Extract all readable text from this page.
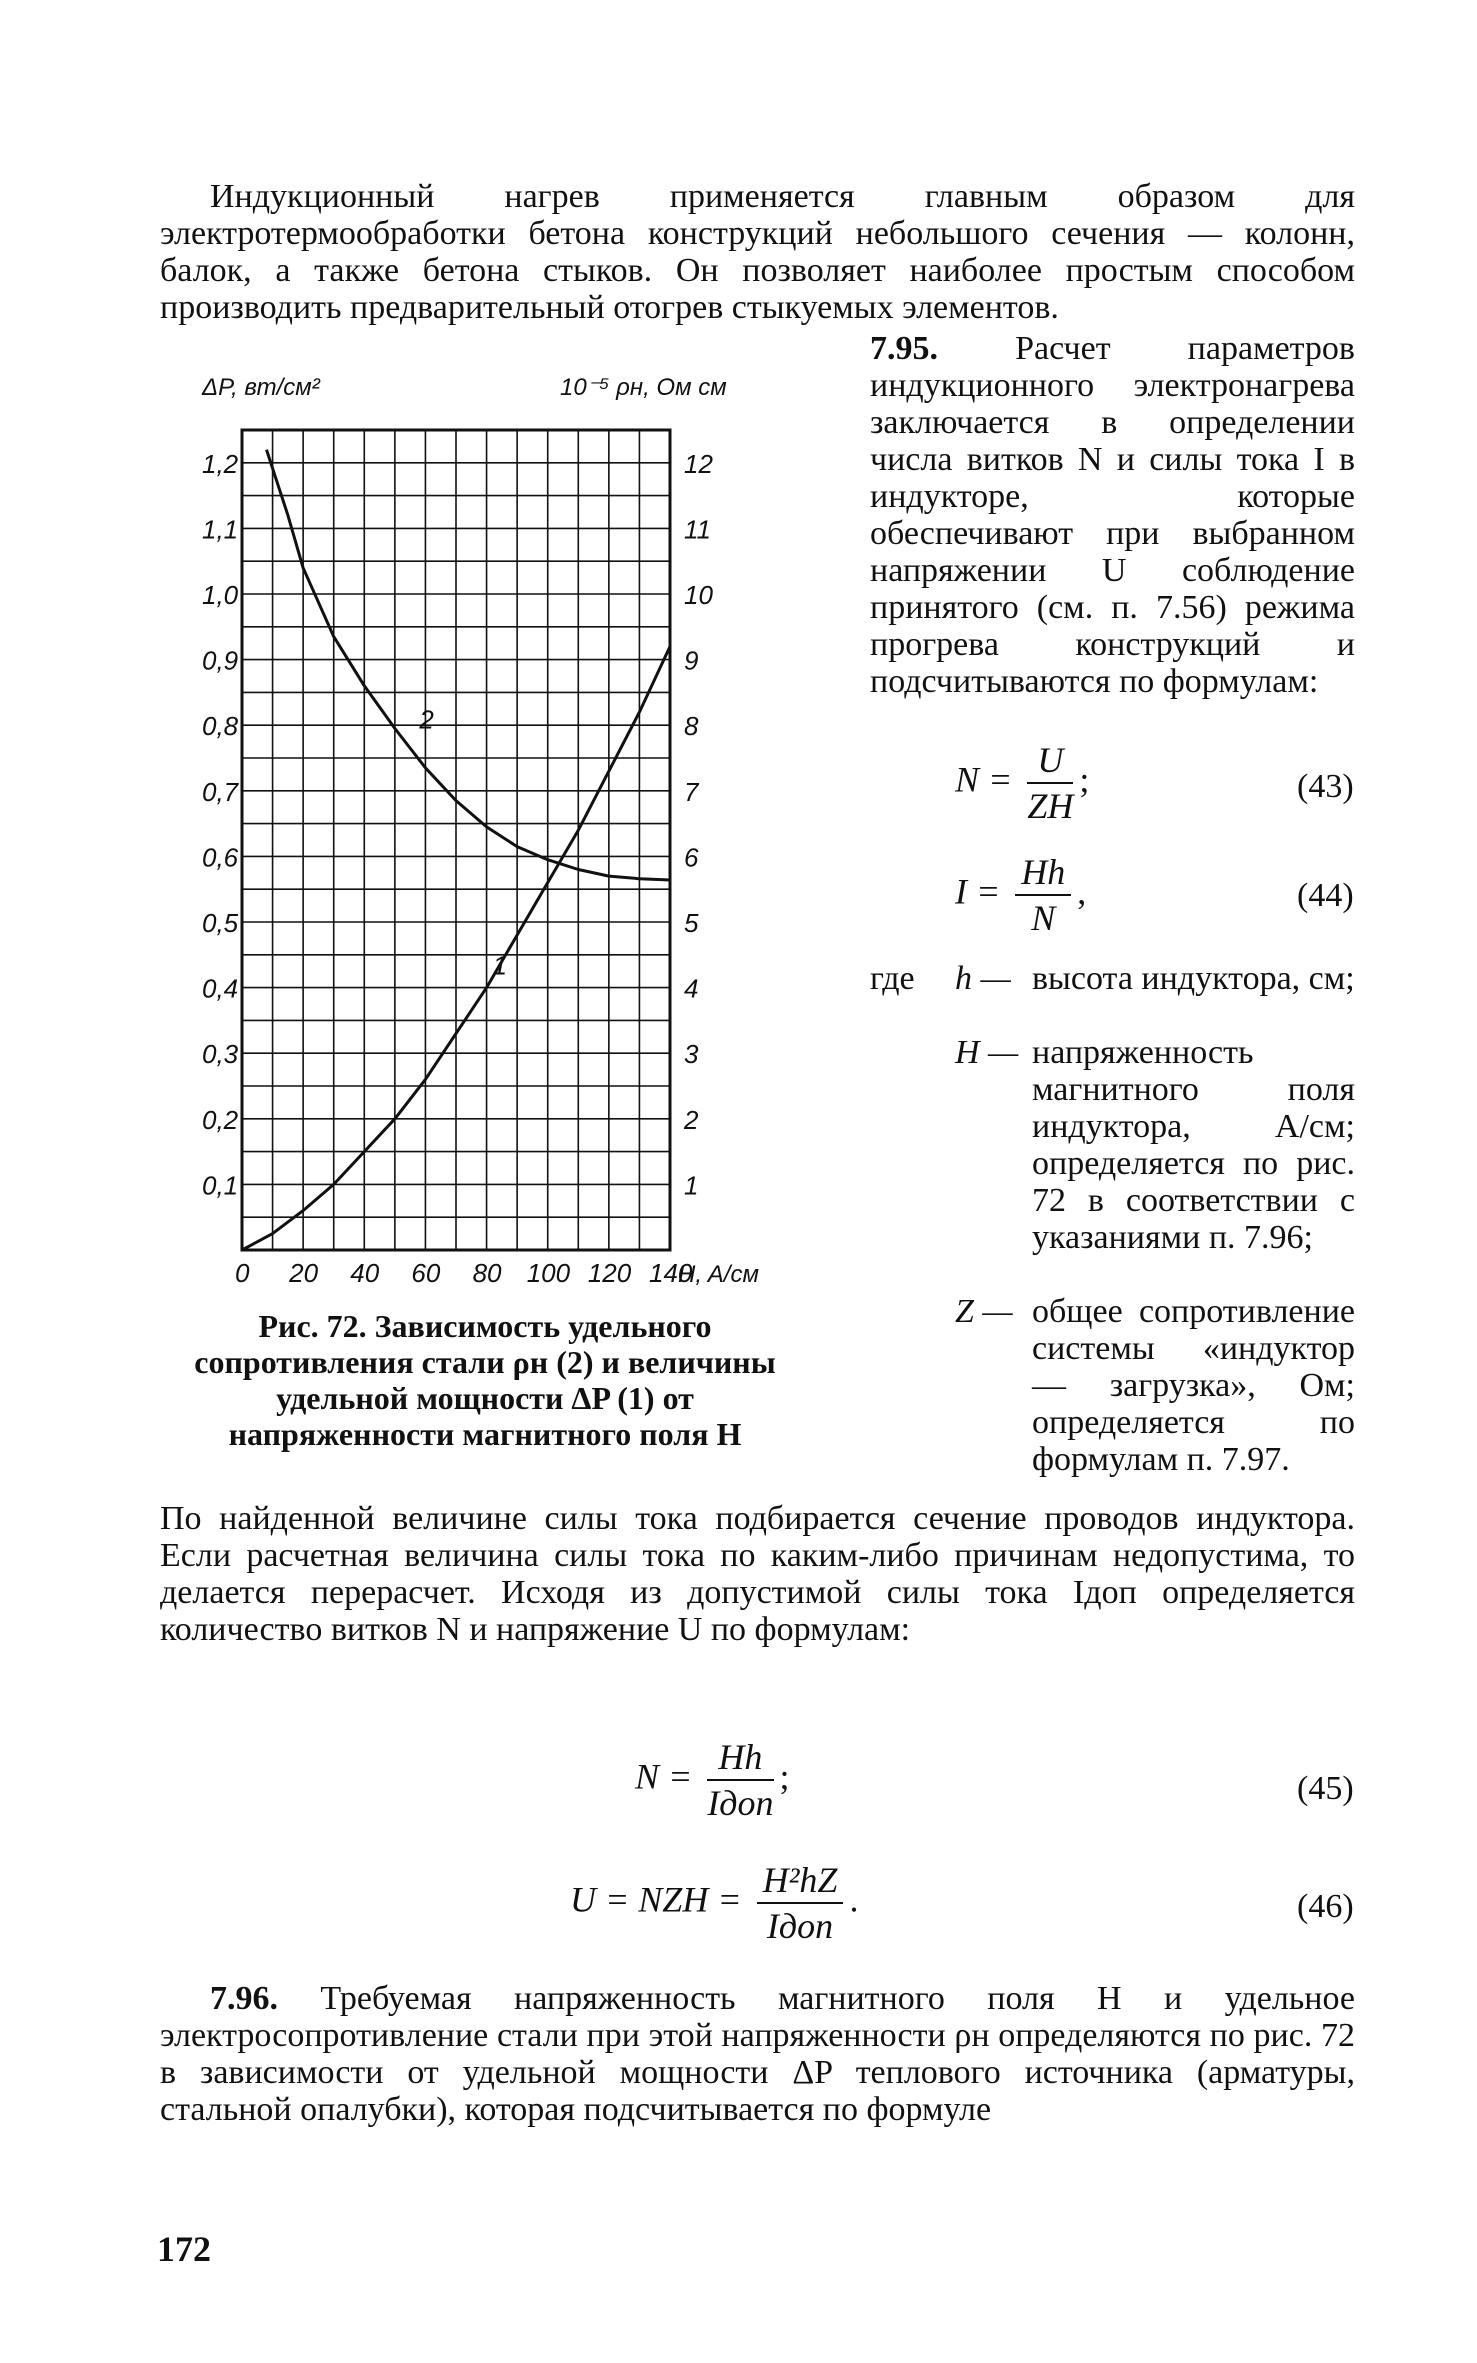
Индукционный нагрев применяется главным образом для электротермообработки бетона конструкций небольшого сечения — колонн, балок, а также бетона стыков. Он позволяет наиболее простым способом производить предварительный отогрев стыкуемых элементов.
0,1
0,2
0,3
0,4
0,5
0,6
0,7
0,8
0,9
1,0
1,1
1,2
1
2
3
4
5
6
7
8
9
10
11
12
0 20 40 60 80 100 120 140
H, A/см
ΔP, вт/см²	10⁻⁵ ρн, Ом см
1
2
7.95. Расчет параметров индукционного электронагрева заключается в определении числа витков N и силы тока I в индукторе, которые обеспечивают при выбранном напряжении U соблюдение принятого (см. п. 7.56) режима прогрева конструкций и подсчитываются по формулам:
$N = \frac{U}{ZH}$ ;	(43)
$I = \frac{Hh}{N}$ ,	(44)
где h — высота индуктора, см;
H — напряженность магнитного поля индуктора, А/см; определяется по рис. 72 в соответствии с указаниями п. 7.96;
Z — общее сопротивление системы «индуктор — загрузка», Ом; определяется по формулам п. 7.97.
Рис. 72. Зависимость удельного сопротивления стали ρн (2) и величины удельной мощности ΔP (1) от напряженности магнитного поля H
По найденной величине силы тока подбирается сечение проводов индуктора. Если расчетная величина силы тока по каким-либо причинам недопустима, то делается перерасчет. Исходя из допустимой силы тока Iдоп определяется количество витков N и напряжение U по формулам:
$N = \frac{Hh}{\text{Iдоп}}$ ;	(45)
U = NZH = $\frac{\text{H²hZ}}{\text{Iдоп}}$ .	(46)
7.96. Требуемая напряженность магнитного поля H и удельное электросопротивление стали при этой напряженности ρн определяются по рис. 72 в зависимости от удельной мощности ΔP теплового источника (арматуры, стальной опалубки), которая подсчитывается по формуле
172
